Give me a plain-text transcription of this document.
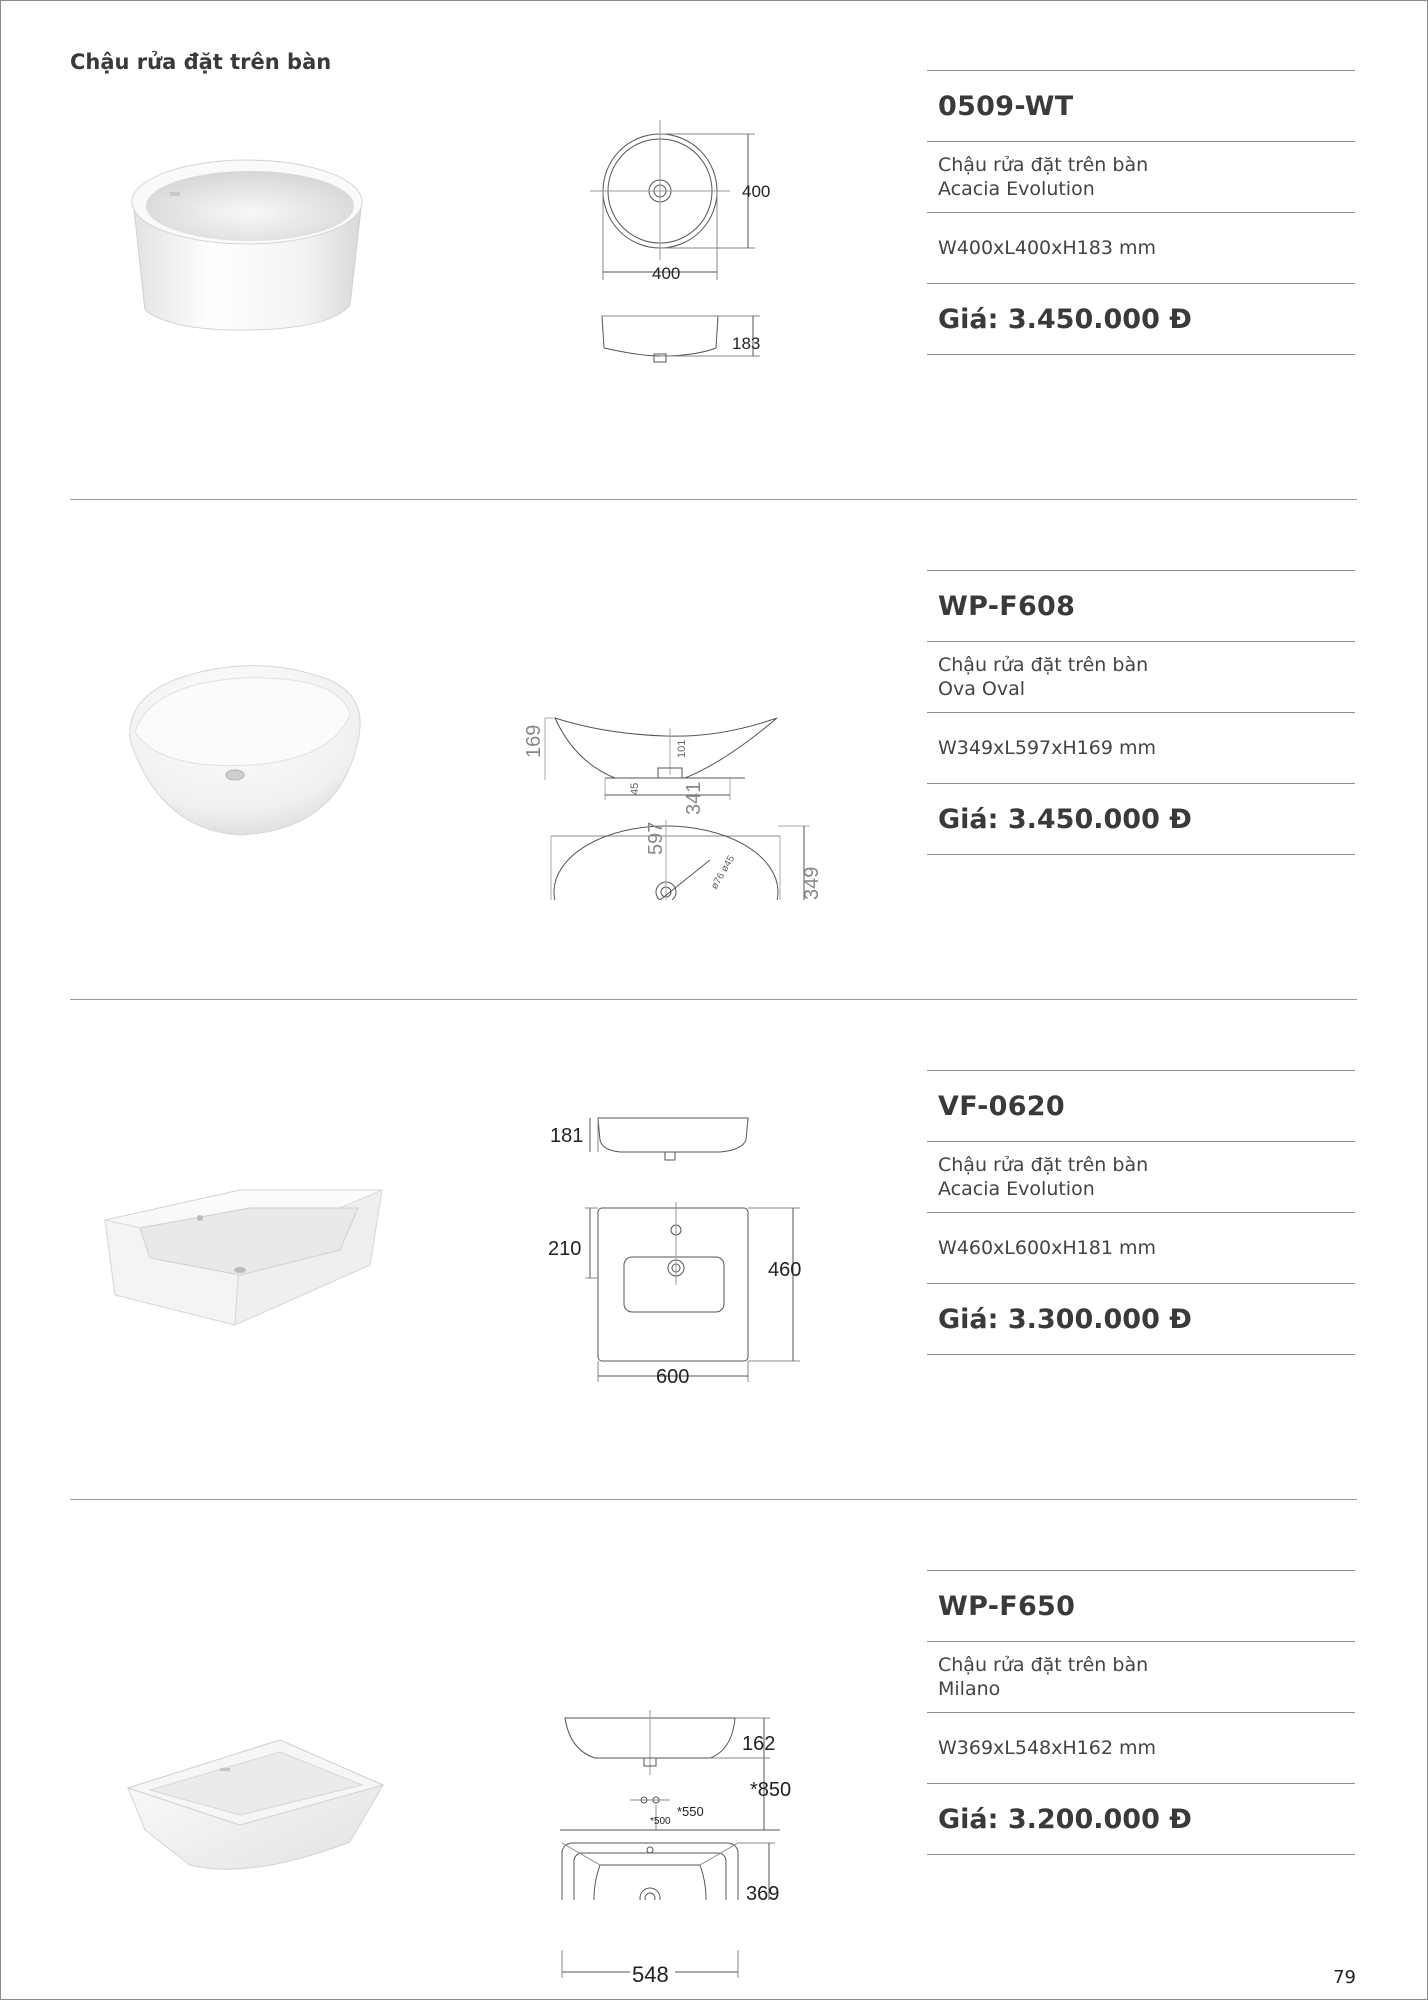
Chậu rửa đặt trên bàn
400
400
183
0509-WT
Chậu rửa đặt trên bàn
Acacia Evolution
W400xL400xH183 mm
Giá: 3.450.000 Đ
169	101
45 341
597
349
ø76 ø45
WP-F608
Chậu rửa đặt trên bàn
Ova Oval
W349xL597xH169 mm
Giá: 3.450.000 Đ
181
210
460
600
VF-0620
Chậu rửa đặt trên bàn
Acacia Evolution
W460xL600xH181 mm
Giá: 3.300.000 Đ
162
*850
*550
*500
369
548
WP-F650
Chậu rửa đặt trên bàn
Milano
W369xL548xH162 mm
Giá: 3.200.000 Đ

79
